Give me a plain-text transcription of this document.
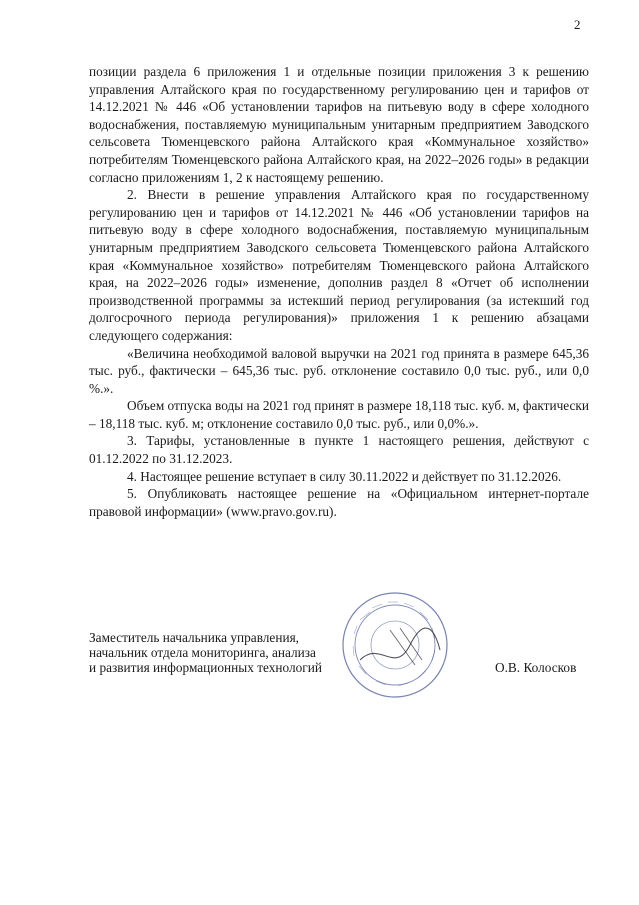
2

позиции раздела 6 приложения 1 и отдельные позиции приложения 3 к решению управления Алтайского края по государственному регулированию цен и тарифов от 14.12.2021 № 446 «Об установлении тарифов на питьевую воду в сфере холодного водоснабжения, поставляемую муниципальным унитарным предприятием Заводского сельсовета Тюменцевского района Алтайского края «Коммунальное хозяйство» потребителям Тюменцевского района Алтайского края, на 2022–2026 годы» в редакции согласно приложениям 1, 2 к настоящему решению.

2. Внести в решение управления Алтайского края по государственному регулированию цен и тарифов от 14.12.2021 № 446 «Об установлении тарифов на питьевую воду в сфере холодного водоснабжения, поставляемую муниципальным унитарным предприятием Заводского сельсовета Тюменцевского района Алтайского края «Коммунальное хозяйство» потребителям Тюменцевского района Алтайского края, на 2022–2026 годы» изменение, дополнив раздел 8 «Отчет об исполнении производственной программы за истекший период регулирования (за истекший год долгосрочного периода регулирования)» приложения 1 к решению абзацами следующего содержания:

«Величина необходимой валовой выручки на 2021 год принята в размере 645,36 тыс. руб., фактически – 645,36 тыс. руб. отклонение составило 0,0 тыс. руб., или 0,0 %.».

Объем отпуска воды на 2021 год принят в размере 18,118 тыс. куб. м, фактически – 18,118 тыс. куб. м; отклонение составило 0,0 тыс. руб., или 0,0%.».

3. Тарифы, установленные в пункте 1 настоящего решения, действуют с 01.12.2022 по 31.12.2023.

4. Настоящее решение вступает в силу 30.11.2022 и действует по 31.12.2026.

5. Опубликовать настоящее решение на «Официальном интернет-портале правовой информации» (www.pravo.gov.ru).

Заместитель начальника управления,
начальник отдела мониторинга, анализа
и развития информационных технологий	О.В. Колосков
